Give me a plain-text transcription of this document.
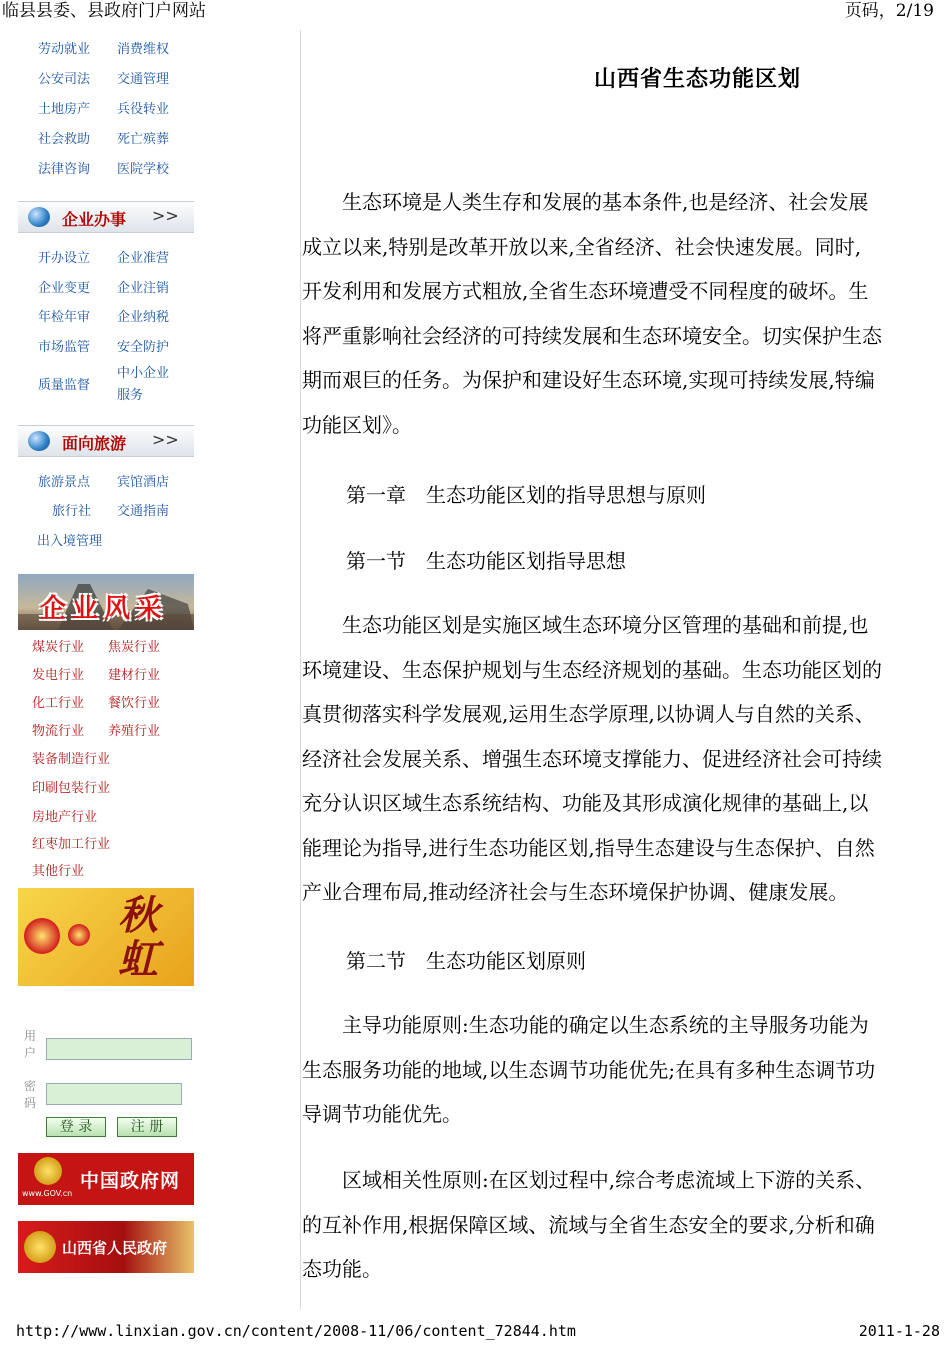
临县县委、县政府门户网站	页码，2/19
http://www.linxian.gov.cn/content/2008-11/06/content_72844.htm	2011-1-28
劳动就业 消费维权
公安司法 交通管理
土地房产 兵役转业
社会救助 死亡殡葬
法律咨询 医院学校
企业办事 >>
开办设立 企业准营
企业变更 企业注销
年检年审 企业纳税
市场监管 安全防护
质量监督
中小企业服务
面向旅游 >>
旅游景点 宾馆酒店
旅行社 交通指南
出入境管理
企业风采
煤炭行业 焦炭行业
发电行业 建材行业
化工行业 餐饮行业
物流行业 养殖行业
装备制造行业
印刷包装行业
房地产行业
红枣加工行业
其他行业
秋虹
用户
密码
登 录	注 册
www.GOV.cn
中国政府网
山西省人民政府
山西省生态功能区划
　　生态环境是人类生存和发展的基本条件,也是经济、社会发展
成立以来,特别是改革开放以来,全省经济、社会快速发展。同时,
开发利用和发展方式粗放,全省生态环境遭受不同程度的破坏。生
将严重影响社会经济的可持续发展和生态环境安全。切实保护生态
期而艰巨的任务。为保护和建设好生态环境,实现可持续发展,特编
功能区划》。
第一章　生态功能区划的指导思想与原则
第一节　生态功能区划指导思想
　　生态功能区划是实施区域生态环境分区管理的基础和前提,也
环境建设、生态保护规划与生态经济规划的基础。生态功能区划的
真贯彻落实科学发展观,运用生态学原理,以协调人与自然的关系、
经济社会发展关系、增强生态环境支撑能力、促进经济社会可持续
充分认识区域生态系统结构、功能及其形成演化规律的基础上,以
能理论为指导,进行生态功能区划,指导生态建设与生态保护、自然
产业合理布局,推动经济社会与生态环境保护协调、健康发展。
第二节　生态功能区划原则
　　主导功能原则:生态功能的确定以生态系统的主导服务功能为
生态服务功能的地域,以生态调节功能优先;在具有多种生态调节功
导调节功能优先。
　　区域相关性原则:在区划过程中,综合考虑流域上下游的关系、
的互补作用,根据保障区域、流域与全省生态安全的要求,分析和确
态功能。
